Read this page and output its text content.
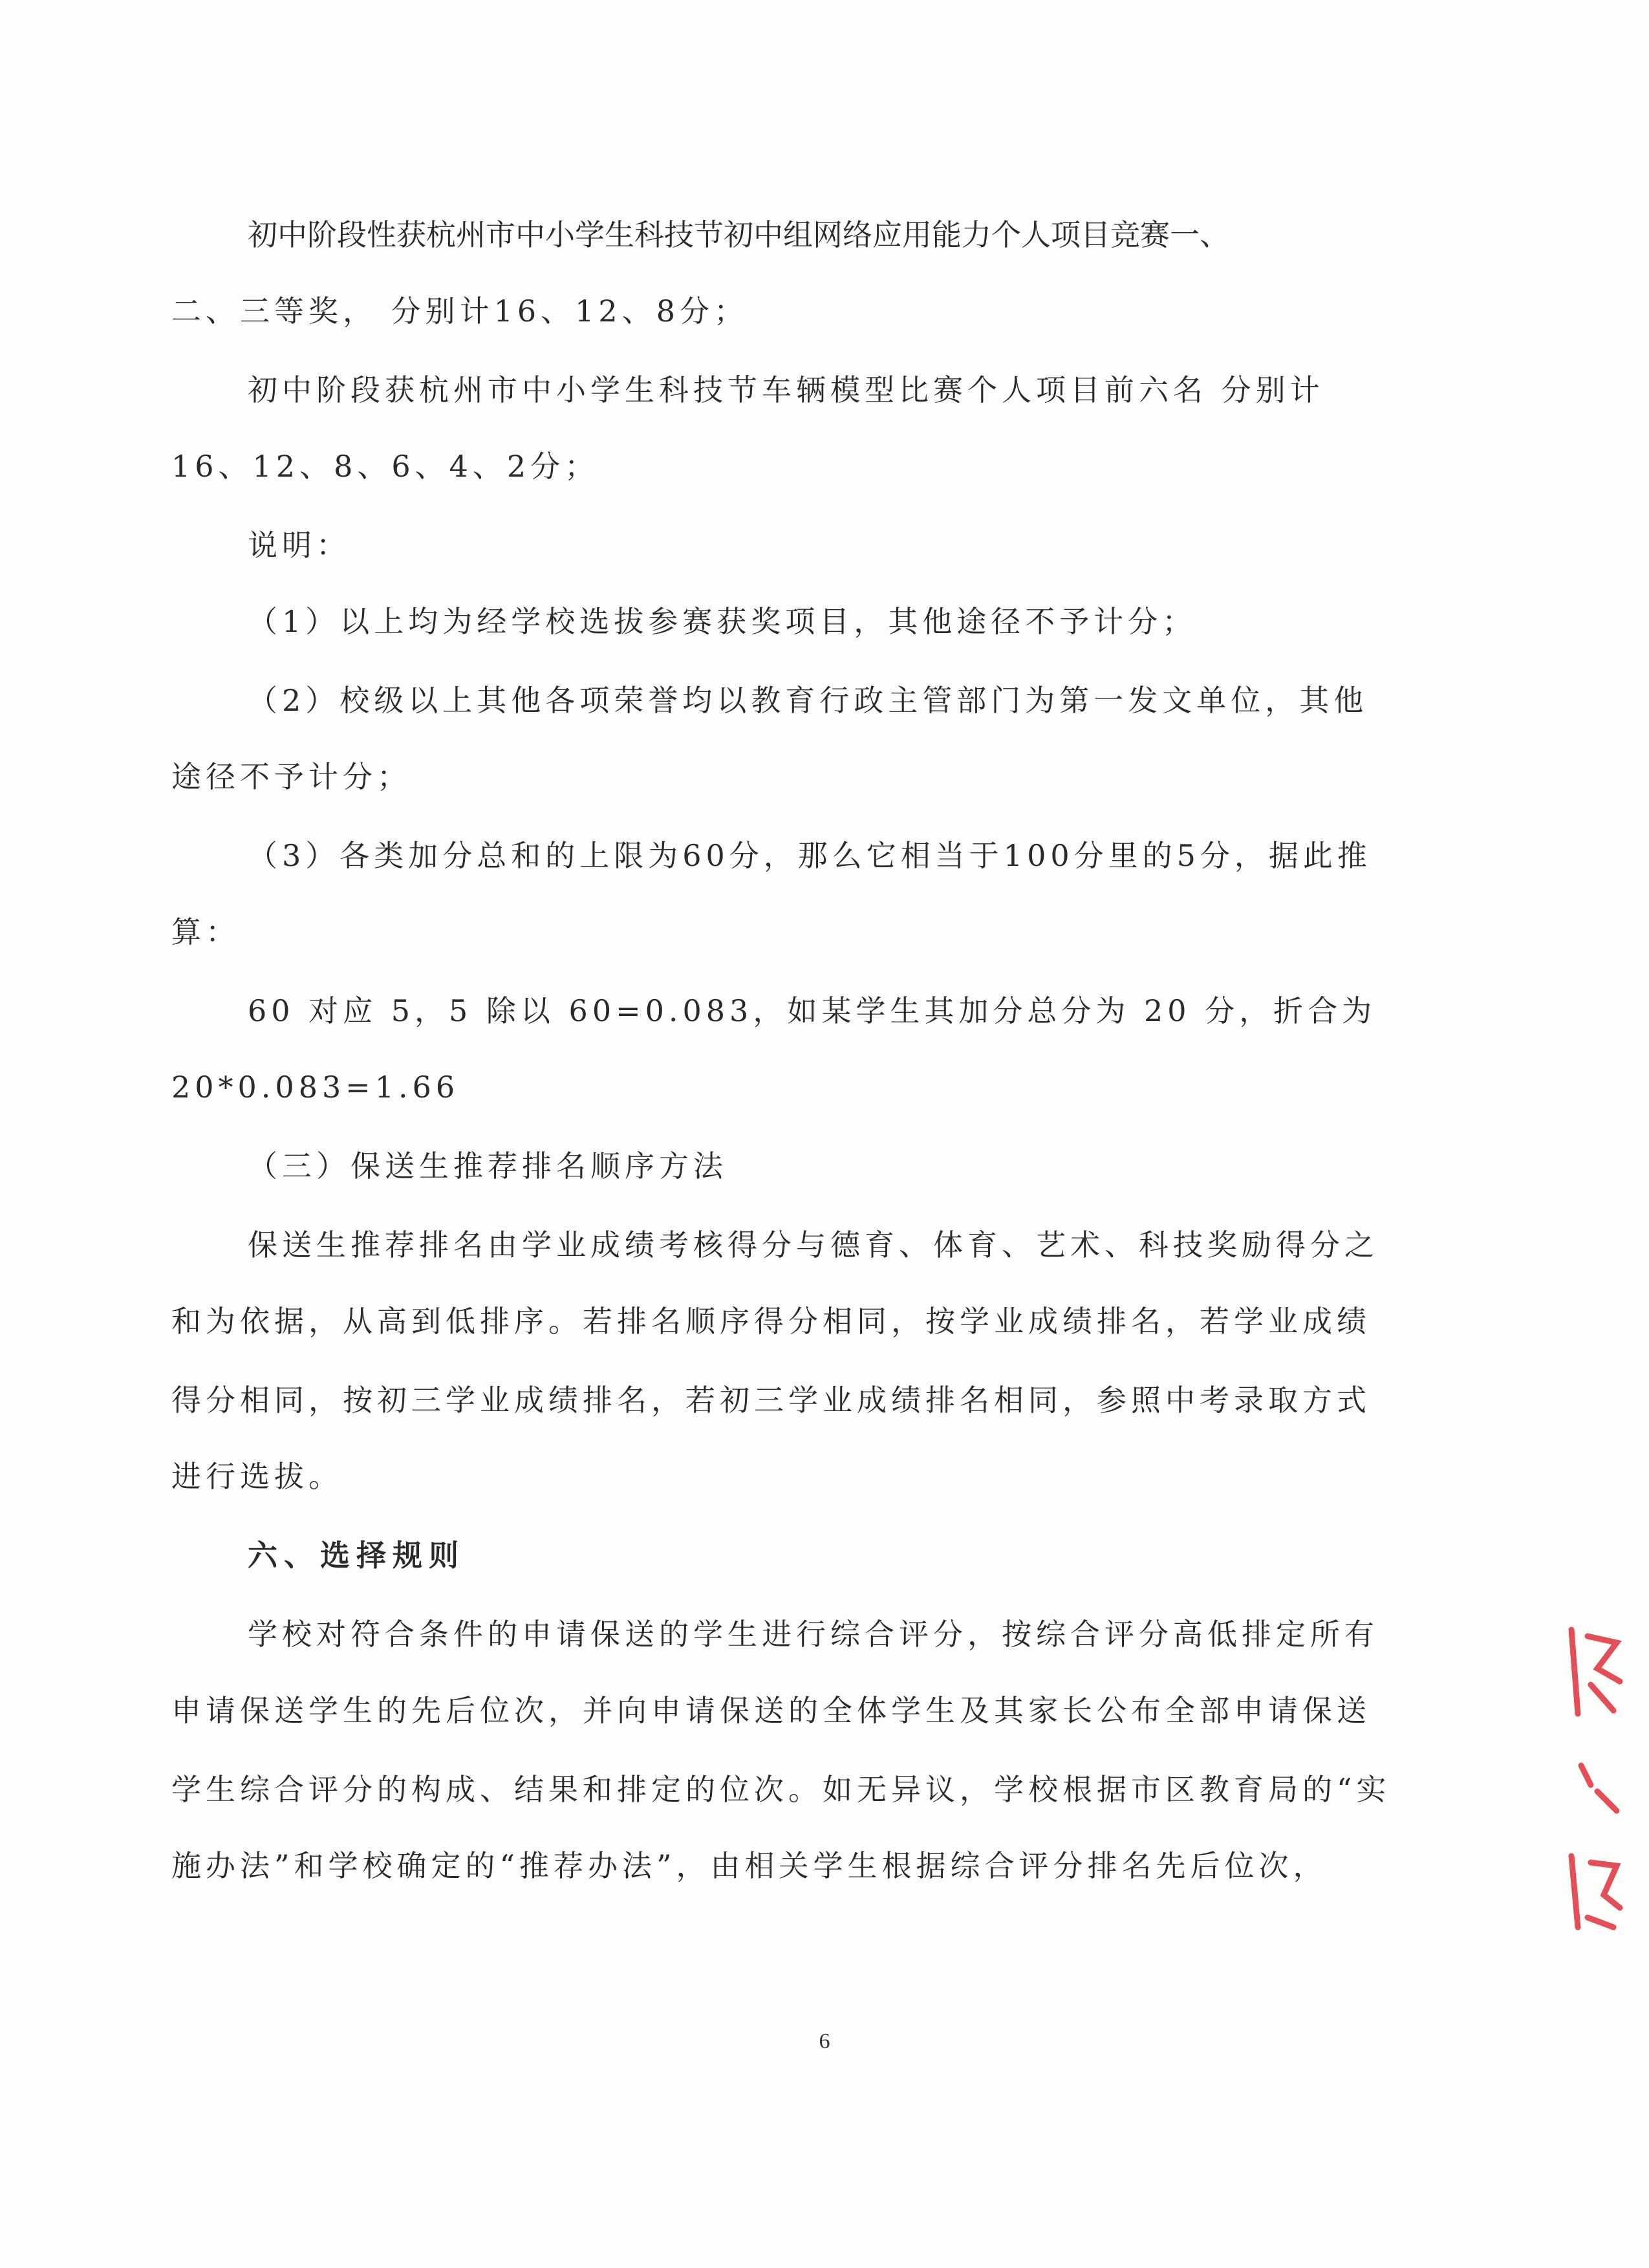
初中阶段性获杭州市中小学生科技节初中组网络应用能力个人项目竞赛一、

二、三等奖， 分别计16、12、8分；

初中阶段获杭州市中小学生科技节车辆模型比赛个人项目前六名 分别计

16、12、8、6、4、2分；

说明：

（1）以上均为经学校选拔参赛获奖项目，其他途径不予计分；

（2）校级以上其他各项荣誉均以教育行政主管部门为第一发文单位，其他

途径不予计分；

（3）各类加分总和的上限为60分，那么它相当于100分里的5分，据此推

算：

60 对应 5，5 除以 60=0.083，如某学生其加分总分为 20 分，折合为

20*0.083=1.66

（三）保送生推荐排名顺序方法

保送生推荐排名由学业成绩考核得分与德育、体育、艺术、科技奖励得分之

和为依据，从高到低排序。若排名顺序得分相同，按学业成绩排名，若学业成绩

得分相同，按初三学业成绩排名，若初三学业成绩排名相同，参照中考录取方式

进行选拔。

六、选择规则

学校对符合条件的申请保送的学生进行综合评分，按综合评分高低排定所有

申请保送学生的先后位次，并向申请保送的全体学生及其家长公布全部申请保送

学生综合评分的构成、结果和排定的位次。如无异议，学校根据市区教育局的“实

施办法”和学校确定的“推荐办法”，由相关学生根据综合评分排名先后位次，

6
